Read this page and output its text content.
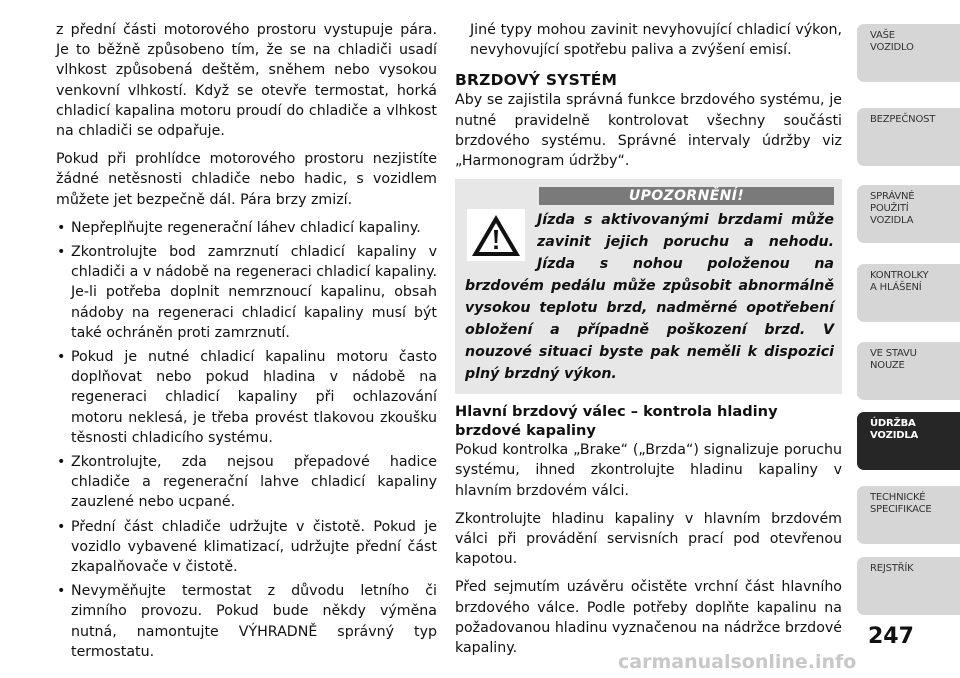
z přední části motorového prostoru vystupuje pára. Je to běžně způsobeno tím, že se na chladiči usadí vlhkost způsobená deštěm, sněhem nebo vysokou venkovní vlhkostí. Když se otevře termostat, horká chladicí kapalina motoru proudí do chladiče a vlhkost na chladiči se odpařuje.

Pokud při prohlídce motorového prostoru nezjistíte žádné netěsnosti chladiče nebo hadic, s vozidlem můžete jet bezpečně dál. Pára brzy zmizí.

• Nepřeplňujte regenerační láhev chladicí kapaliny.
• Zkontrolujte bod zamrznutí chladicí kapaliny v chladiči a v nádobě na regeneraci chladicí kapaliny. Je-li potřeba doplnit nemrznoucí kapalinu, obsah nádoby na regeneraci chladicí kapaliny musí být také ochráněn proti zamrznutí.
• Pokud je nutné chladicí kapalinu motoru často doplňovat nebo pokud hladina v nádobě na regeneraci chladicí kapaliny při ochlazování motoru neklesá, je třeba provést tlakovou zkoušku těsnosti chladicího systému.
• Zkontrolujte, zda nejsou přepadové hadice chladiče a regenerační lahve chladicí kapaliny zauzlené nebo ucpané.
• Přední část chladiče udržujte v čistotě. Pokud je vozidlo vybavené klimatizací, udržujte přední část zkapalňovače v čistotě.
• Nevyměňujte termostat z důvodu letního či zimního provozu. Pokud bude někdy výměna nutná, namontujte VÝHRADNĚ správný typ termostatu.

Jiné typy mohou zavinit nevyhovující chladicí výkon, nevyhovující spotřebu paliva a zvýšení emisí.

BRZDOVÝ SYSTÉM

Aby se zajistila správná funkce brzdového systému, je nutné pravidelně kontrolovat všechny součásti brzdového systému. Správné intervaly údržby viz „Harmonogram údržby“.

UPOZORNĚNÍ!

Jízda s aktivovanými brzdami může zavinit jejich poruchu a nehodu. Jízda s nohou položenou na brzdovém pedálu může způsobit abnormálně vysokou teplotu brzd, nadměrné opotřebení obložení a případně poškození brzd. V nouzové situaci byste pak neměli k dispozici plný brzdný výkon.

Hlavní brzdový válec – kontrola hladiny brzdové kapaliny

Pokud kontrolka „Brake“ („Brzda“) signalizuje poruchu systému, ihned zkontrolujte hladinu kapaliny v hlavním brzdovém válci.

Zkontrolujte hladinu kapaliny v hlavním brzdovém válci při provádění servisních prací pod otevřenou kapotou.

Před sejmutím uzávěru očistěte vrchní část hlavního brzdového válce. Podle potřeby doplňte kapalinu na požadovanou hladinu vyznačenou na nádržce brzdové kapaliny.

VAŠE
VOZIDLO
BEZPEČNOST
SPRÁVNÉ
POUŽITÍ
VOZIDLA
KONTROLKY
A HLÁŠENÍ
VE STAVU
NOUZE
ÚDRŽBA
VOZIDLA
TECHNICKÉ
SPECIFIKACE
REJSTŘÍK
247
carmanualsonline.info
